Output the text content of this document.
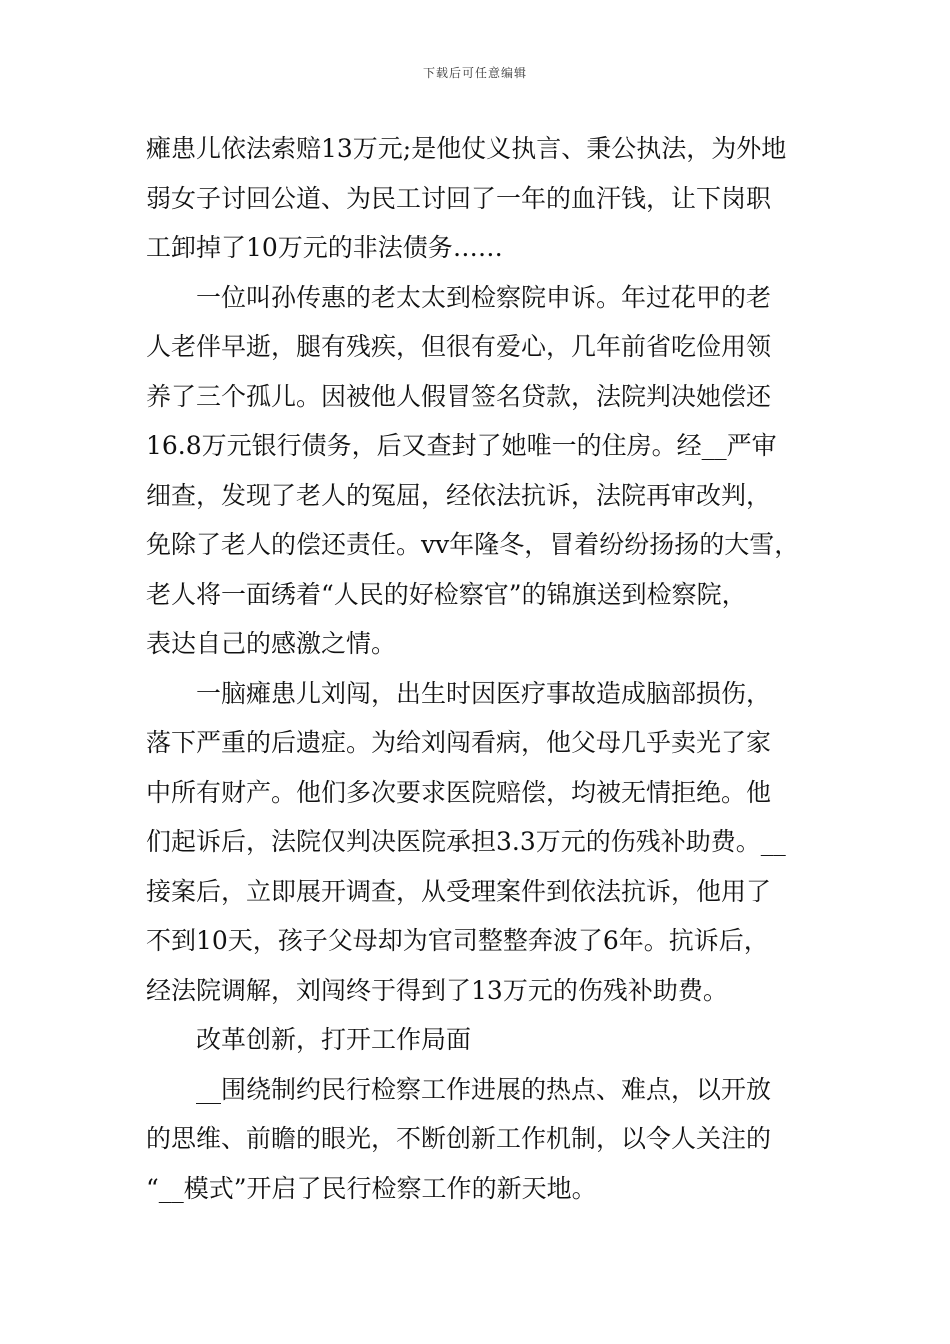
下载后可任意编辑
瘫患儿依法索赔13万元;是他仗义执言、秉公执法，为外地
弱女子讨回公道、为民工讨回了一年的血汗钱，让下岗职
工卸掉了10万元的非法债务……
一位叫孙传惠的老太太到检察院申诉。年过花甲的老
人老伴早逝，腿有残疾，但很有爱心，几年前省吃俭用领
养了三个孤儿。因被他人假冒签名贷款，法院判决她偿还
16.8万元银行债务，后又查封了她唯一的住房。经__严审
细查，发现了老人的冤屈，经依法抗诉，法院再审改判，
免除了老人的偿还责任。vv年隆冬，冒着纷纷扬扬的大雪，
老人将一面绣着“人民的好检察官”的锦旗送到检察院，
表达自己的感激之情。
一脑瘫患儿刘闯，出生时因医疗事故造成脑部损伤，
落下严重的后遗症。为给刘闯看病，他父母几乎卖光了家
中所有财产。他们多次要求医院赔偿，均被无情拒绝。他
们起诉后，法院仅判决医院承担3.3万元的伤残补助费。__
接案后，立即展开调查，从受理案件到依法抗诉，他用了
不到10天，孩子父母却为官司整整奔波了6年。抗诉后，
经法院调解，刘闯终于得到了13万元的伤残补助费。
改革创新，打开工作局面
__围绕制约民行检察工作进展的热点、难点，以开放
的思维、前瞻的眼光，不断创新工作机制，以令人关注的
“__模式”开启了民行检察工作的新天地。
